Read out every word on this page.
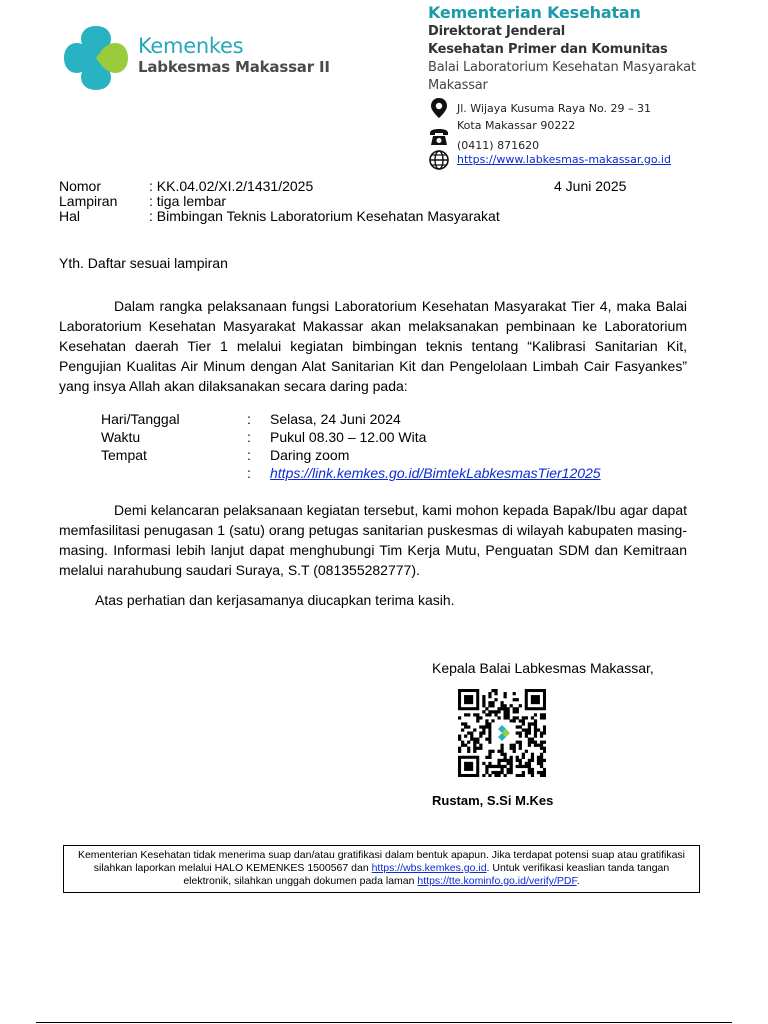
Kemenkes
Labkesmas Makassar II
Kementerian Kesehatan
Direktorat Jenderal
Kesehatan Primer dan Komunitas
Balai Laboratorium Kesehatan Masyarakat
Makassar
Jl. Wijaya Kusuma Raya No. 29 – 31
Kota Makassar 90222
(0411) 871620
https://www.labkesmas-makassar.go.id
Nomor	: KK.04.02/XI.2/1431/2025	4 Juni 2025
Lampiran : tiga lembar
Hal	: Bimbingan Teknis Laboratorium Kesehatan Masyarakat
Yth. Daftar sesuai lampiran
Dalam rangka pelaksanaan fungsi Laboratorium Kesehatan Masyarakat Tier 4, maka Balai Laboratorium Kesehatan Masyarakat Makassar akan melaksanakan pembinaan ke Laboratorium Kesehatan daerah Tier 1 melalui kegiatan bimbingan teknis tentang “Kalibrasi Sanitarian Kit, Pengujian Kualitas Air Minum dengan Alat Sanitarian Kit dan Pengelolaan Limbah Cair Fasyankes” yang insya Allah akan dilaksanakan secara daring pada:
Hari/Tanggal	: Selasa, 24 Juni 2024
Waktu	: Pukul 08.30 – 12.00 Wita
Tempat	: Daring zoom
: https://link.kemkes.go.id/BimtekLabkesmasTier12025
Demi kelancaran pelaksanaan kegiatan tersebut, kami mohon kepada Bapak/Ibu agar dapat memfasilitasi penugasan 1 (satu) orang petugas sanitarian puskesmas di wilayah kabupaten masing-masing. Informasi lebih lanjut dapat menghubungi Tim Kerja Mutu, Penguatan SDM dan Kemitraan melalui narahubung saudari Suraya, S.T (081355282777).
Atas perhatian dan kerjasamanya diucapkan terima kasih.
Kepala Balai Labkesmas Makassar,
Rustam, S.Si M.Kes
Kementerian Kesehatan tidak menerima suap dan/atau gratifikasi dalam bentuk apapun. Jika terdapat potensi suap atau gratifikasi silahkan laporkan melalui HALO KEMENKES 1500567 dan https://wbs.kemkes.go.id. Untuk verifikasi keaslian tanda tangan elektronik, silahkan unggah dokumen pada laman https://tte.kominfo.go.id/verify/PDF.
